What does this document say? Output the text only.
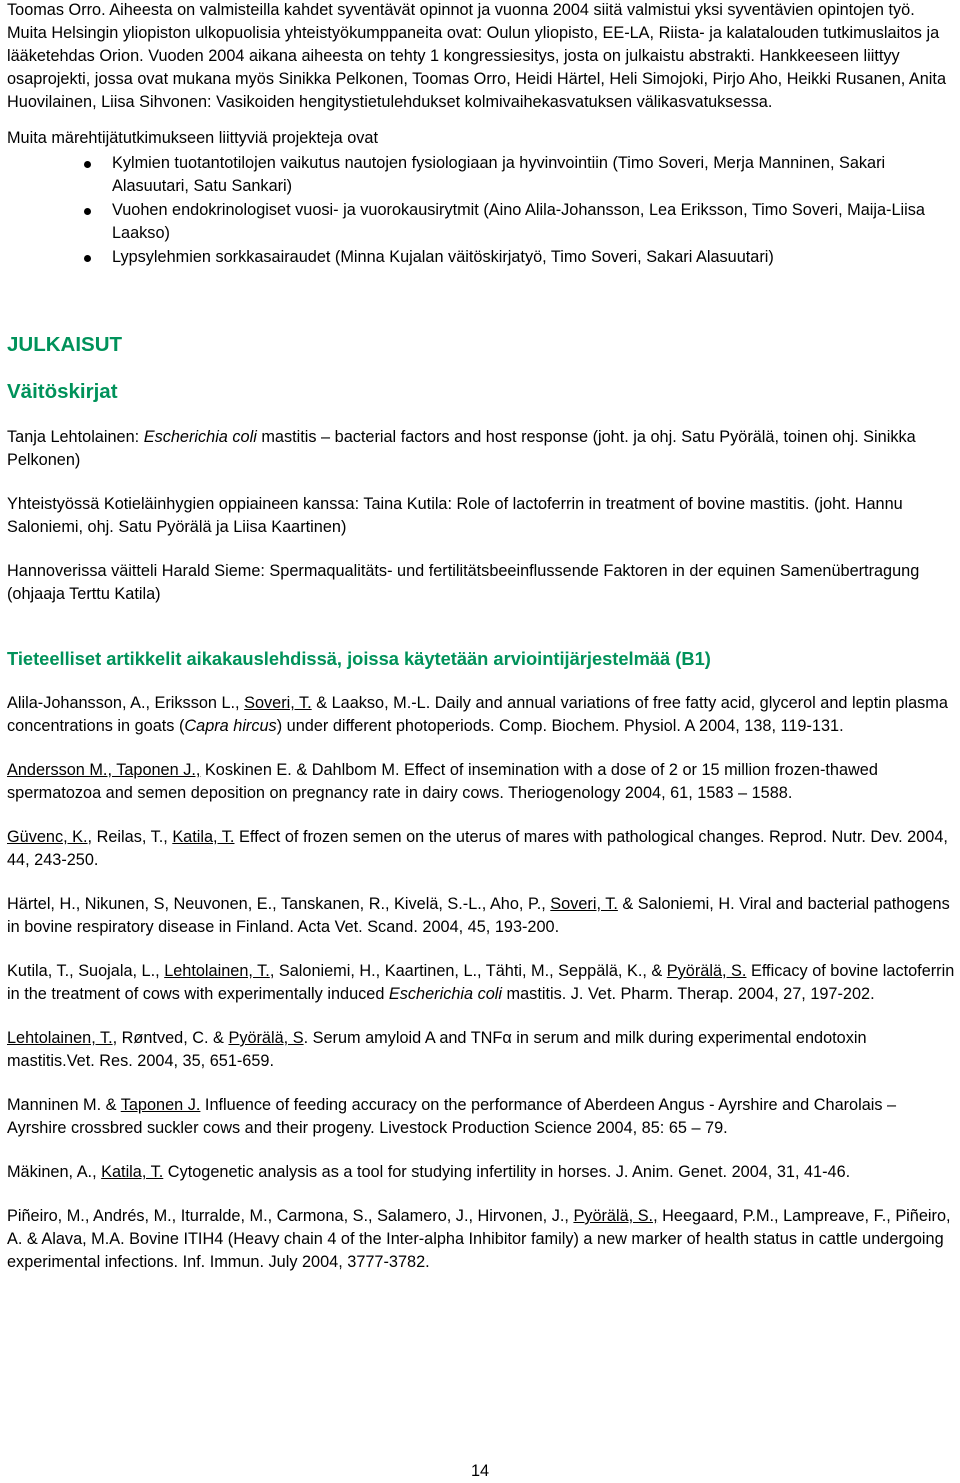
Toomas Orro. Aiheesta on valmisteilla kahdet syventävät opinnot ja vuonna 2004 siitä valmistui yksi syventävien opintojen työ. Muita Helsingin yliopiston ulkopuolisia yhteistyökumppaneita ovat: Oulun yliopisto, EE-LA, Riista- ja kalatalouden tutkimuslaitos ja lääketehdas Orion. Vuoden 2004 aikana aiheesta on tehty 1 kongressiesitys, josta on julkaistu abstrakti. Hankkeeseen liittyy osaprojekti, jossa ovat mukana myös Sinikka Pelkonen, Toomas Orro, Heidi Härtel, Heli Simojoki, Pirjo Aho, Heikki Rusanen, Anita Huovilainen, Liisa Sihvonen: Vasikoiden hengitystietulehdukset kolmivaihekasvatuksen välikasvatuksessa.

Muita märehtijätutkimukseen liittyviä projekteja ovat

Kylmien tuotantotilojen vaikutus nautojen fysiologiaan ja hyvinvointiin (Timo Soveri, Merja Manninen, Sakari Alasuutari, Satu Sankari)
Vuohen endokrinologiset vuosi- ja vuorokausirytmit (Aino Alila-Johansson, Lea Eriksson, Timo Soveri, Maija-Liisa Laakso)
Lypsylehmien sorkkasairaudet (Minna Kujalan väitöskirjatyö, Timo Soveri, Sakari Alasuutari)
JULKAISUT
Väitöskirjat

Tanja Lehtolainen: Escherichia coli mastitis – bacterial factors and host response (joht. ja ohj. Satu Pyörälä, toinen ohj. Sinikka Pelkonen)

Yhteistyössä Kotieläinhygien oppiaineen kanssa: Taina Kutila: Role of lactoferrin in treatment of bovine mastitis. (joht. Hannu Saloniemi, ohj. Satu Pyörälä ja Liisa Kaartinen)

Hannoverissa väitteli Harald Sieme: Spermaqualitäts- und fertilitätsbeeinflussende Faktoren in der equinen Samenübertragung (ohjaaja Terttu Katila)

Tieteelliset artikkelit aikakauslehdissä, joissa käytetään arviointijärjestelmää (B1)

Alila-Johansson, A., Eriksson L., Soveri, T. & Laakso, M.-L. Daily and annual variations of free fatty acid, glycerol and leptin plasma concentrations in goats (Capra hircus) under different photoperiods. Comp. Biochem. Physiol. A 2004, 138, 119-131.

Andersson M., Taponen J., Koskinen E. & Dahlbom M. Effect of insemination with a dose of 2 or 15 million frozen-thawed spermatozoa and semen deposition on pregnancy rate in dairy cows. Theriogenology 2004, 61, 1583 – 1588.

Güvenc, K., Reilas, T., Katila, T. Effect of frozen semen on the uterus of mares with pathological changes. Reprod. Nutr. Dev. 2004, 44, 243-250.

Härtel, H., Nikunen, S, Neuvonen, E., Tanskanen, R., Kivelä, S.-L., Aho, P., Soveri, T. & Saloniemi, H. Viral and bacterial pathogens in bovine respiratory disease in Finland. Acta Vet. Scand. 2004, 45, 193-200.

Kutila, T., Suojala, L., Lehtolainen, T., Saloniemi, H., Kaartinen, L., Tähti, M., Seppälä, K., & Pyörälä, S. Efficacy of bovine lactoferrin in the treatment of cows with experimentally induced Escherichia coli mastitis. J. Vet. Pharm. Therap. 2004, 27, 197-202.

Lehtolainen, T., Røntved, C. & Pyörälä, S. Serum amyloid A and TNFα in serum and milk during experimental endotoxin mastitis.Vet. Res. 2004, 35, 651-659.

Manninen M. & Taponen J. Influence of feeding accuracy on the performance of Aberdeen Angus - Ayrshire and Charolais – Ayrshire crossbred suckler cows and their progeny. Livestock Production Science 2004, 85: 65 – 79.

Mäkinen, A., Katila, T. Cytogenetic analysis as a tool for studying infertility in horses. J. Anim. Genet. 2004, 31, 41-46.

Piñeiro, M., Andrés, M., Iturralde, M., Carmona, S., Salamero, J., Hirvonen, J., Pyörälä, S., Heegaard, P.M., Lampreave, F., Piñeiro, A. & Alava, M.A. Bovine ITIH4 (Heavy chain 4 of the Inter-alpha Inhibitor family) a new marker of health status in cattle undergoing experimental infections. Inf. Immun. July 2004, 3777-3782.

14
